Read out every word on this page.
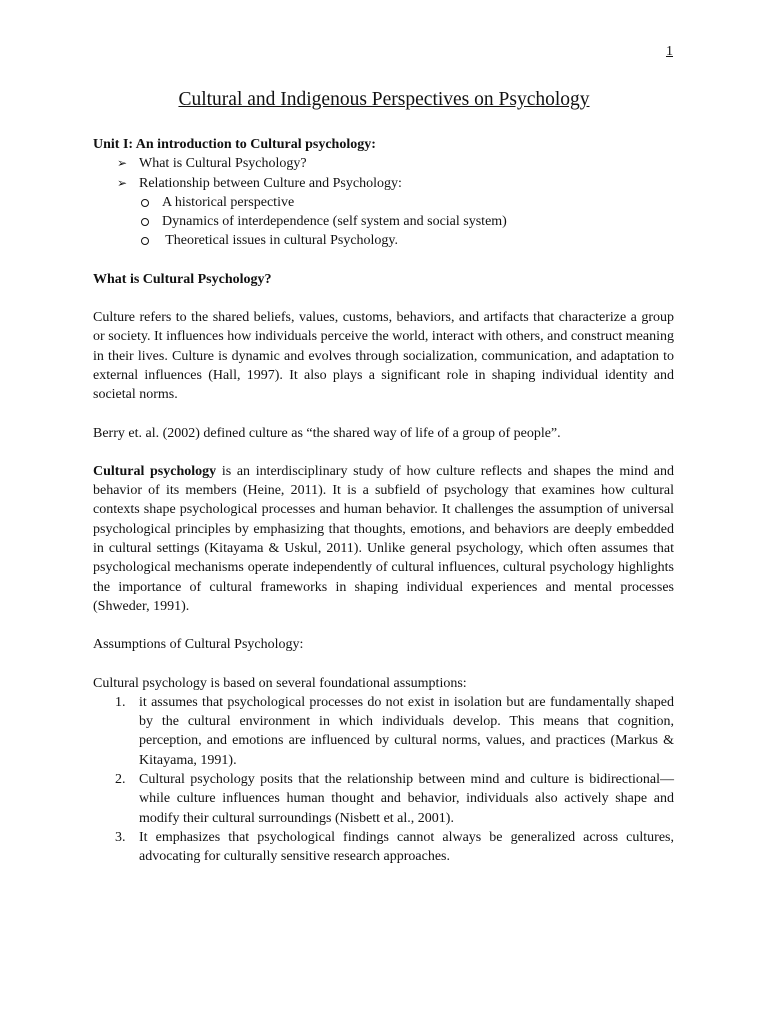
1
Cultural and Indigenous Perspectives on Psychology
Unit I: An introduction to Cultural psychology:
➢ What is Cultural Psychology?
➢ Relationship between Culture and Psychology:
A historical perspective
Dynamics of interdependence (self system and social system)
Theoretical issues in cultural Psychology.
What is Cultural Psychology?

Culture refers to the shared beliefs, values, customs, behaviors, and artifacts that characterize a group or society. It influences how individuals perceive the world, interact with others, and construct meaning in their lives. Culture is dynamic and evolves through socialization, communication, and adaptation to external influences (Hall, 1997). It also plays a significant role in shaping individual identity and societal norms.

Berry et. al. (2002) defined culture as “the shared way of life of a group of people”.

Cultural psychology is an interdisciplinary study of how culture reflects and shapes the mind and behavior of its members (Heine, 2011). It is a subfield of psychology that examines how cultural contexts shape psychological processes and human behavior. It challenges the assumption of universal psychological principles by emphasizing that thoughts, emotions, and behaviors are deeply embedded in cultural settings (Kitayama & Uskul, 2011). Unlike general psychology, which often assumes that psychological mechanisms operate independently of cultural influences, cultural psychology highlights the importance of cultural frameworks in shaping individual experiences and mental processes (Shweder, 1991).

Assumptions of Cultural Psychology:

Cultural psychology is based on several foundational assumptions:

1. it assumes that psychological processes do not exist in isolation but are fundamentally shaped by the cultural environment in which individuals develop. This means that cognition, perception, and emotions are influenced by cultural norms, values, and practices (Markus & Kitayama, 1991).
2. Cultural psychology posits that the relationship between mind and culture is bidirectional—while culture influences human thought and behavior, individuals also actively shape and modify their cultural surroundings (Nisbett et al., 2001).
3. It emphasizes that psychological findings cannot always be generalized across cultures, advocating for culturally sensitive research approaches.
